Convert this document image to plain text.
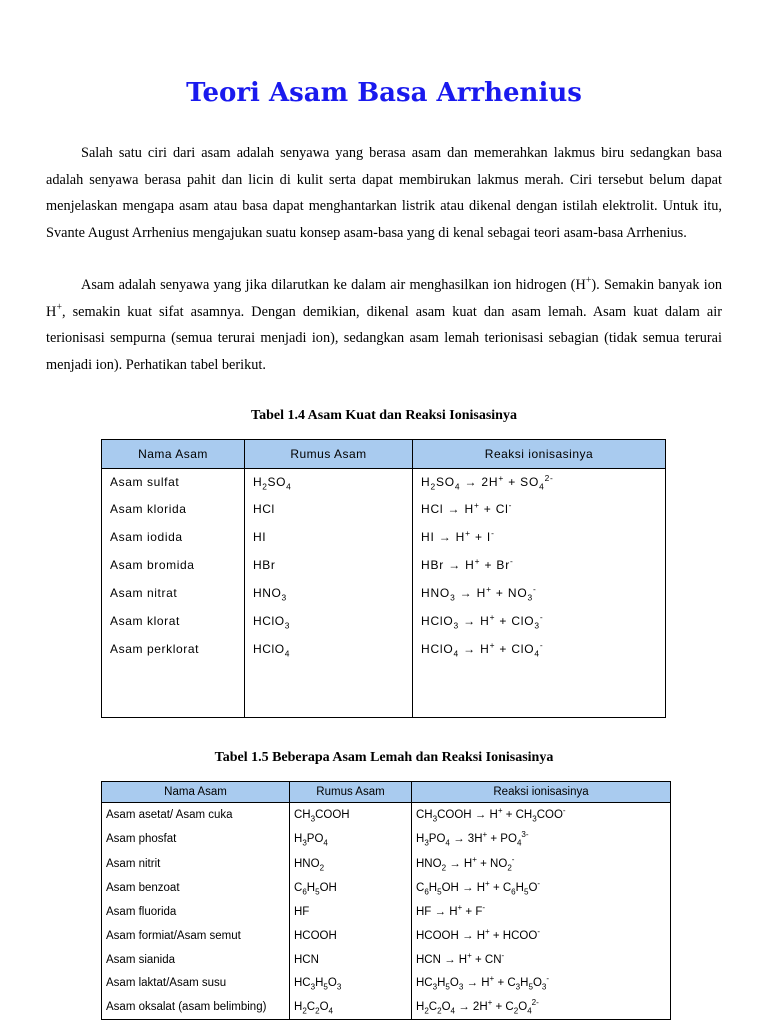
Teori Asam Basa Arrhenius

Salah satu ciri dari asam adalah senyawa yang berasa asam dan memerahkan lakmus biru sedangkan basa adalah senyawa berasa pahit dan licin di kulit serta dapat membirukan lakmus merah. Ciri tersebut belum dapat menjelaskan mengapa asam atau basa dapat menghantarkan listrik atau dikenal dengan istilah elektrolit. Untuk itu, Svante August Arrhenius mengajukan suatu konsep asam-basa yang di kenal sebagai teori asam-basa Arrhenius.

Asam adalah senyawa yang jika dilarutkan ke dalam air menghasilkan ion hidrogen (H+). Semakin banyak ion H+, semakin kuat sifat asamnya. Dengan demikian, dikenal asam kuat dan asam lemah. Asam kuat dalam air terionisasi sempurna (semua terurai menjadi ion), sedangkan asam lemah terionisasi sebagian (tidak semua terurai menjadi ion). Perhatikan tabel berikut.

Tabel 1.4 Asam Kuat dan Reaksi Ionisasinya

Nama Asam	Rumus Asam	Reaksi ionisasinya
Asam sulfat	$H_2SO_4$	$H_2SO_4 \to 2H^+ + SO_4^{2-}$
Asam klorida	HCl	HCl → H+ + Cl-
Asam iodida	HI	HI → H+ + I-
Asam bromida	HBr	HBr → H+ + Br-
Asam nitrat	$HNO_3$	$HNO_3 \to H^+ + NO_3^-$
Asam klorat	HClO$_3$	HClO$_3$ → H+ + ClO$_3$-
Asam perklorat	HClO$_4$	HClO$_4$ → H+ + ClO$_4$-

Tabel 1.5 Beberapa Asam Lemah dan Reaksi Ionisasinya

Nama Asam	Rumus Asam	Reaksi ionisasinya
Asam asetat/ Asam cuka	$CH_3COOH$	$CH_3COOH \to H^+ + CH_3COO^-$
Asam phosfat	$H_3PO_4$	$H_3PO_4 \to 3H^+ + PO_4^{3-}$
Asam nitrit	$HNO_2$	$HNO_2 \to H^+ + NO_2^-$
Asam benzoat	$C_6H_5OH$	$C_6H_5OH \to H^+ + C_6H_5O^-$
Asam fluorida	HF	HF → H+ + F-
Asam formiat/Asam semut	HCOOH	HCOOH → H+ + HCOO-
Asam sianida	HCN	HCN → H+ + CN-
Asam laktat/Asam susu	$HC_3H_5O_3$	$HC_3H_5O_3 \to H^+ + C_3H_5O_3^-$
Asam oksalat (asam belimbing)	$H_2C_2O_4$	$H_2C_2O_4 \to 2H^+ + C_2O_4^{2-}$
